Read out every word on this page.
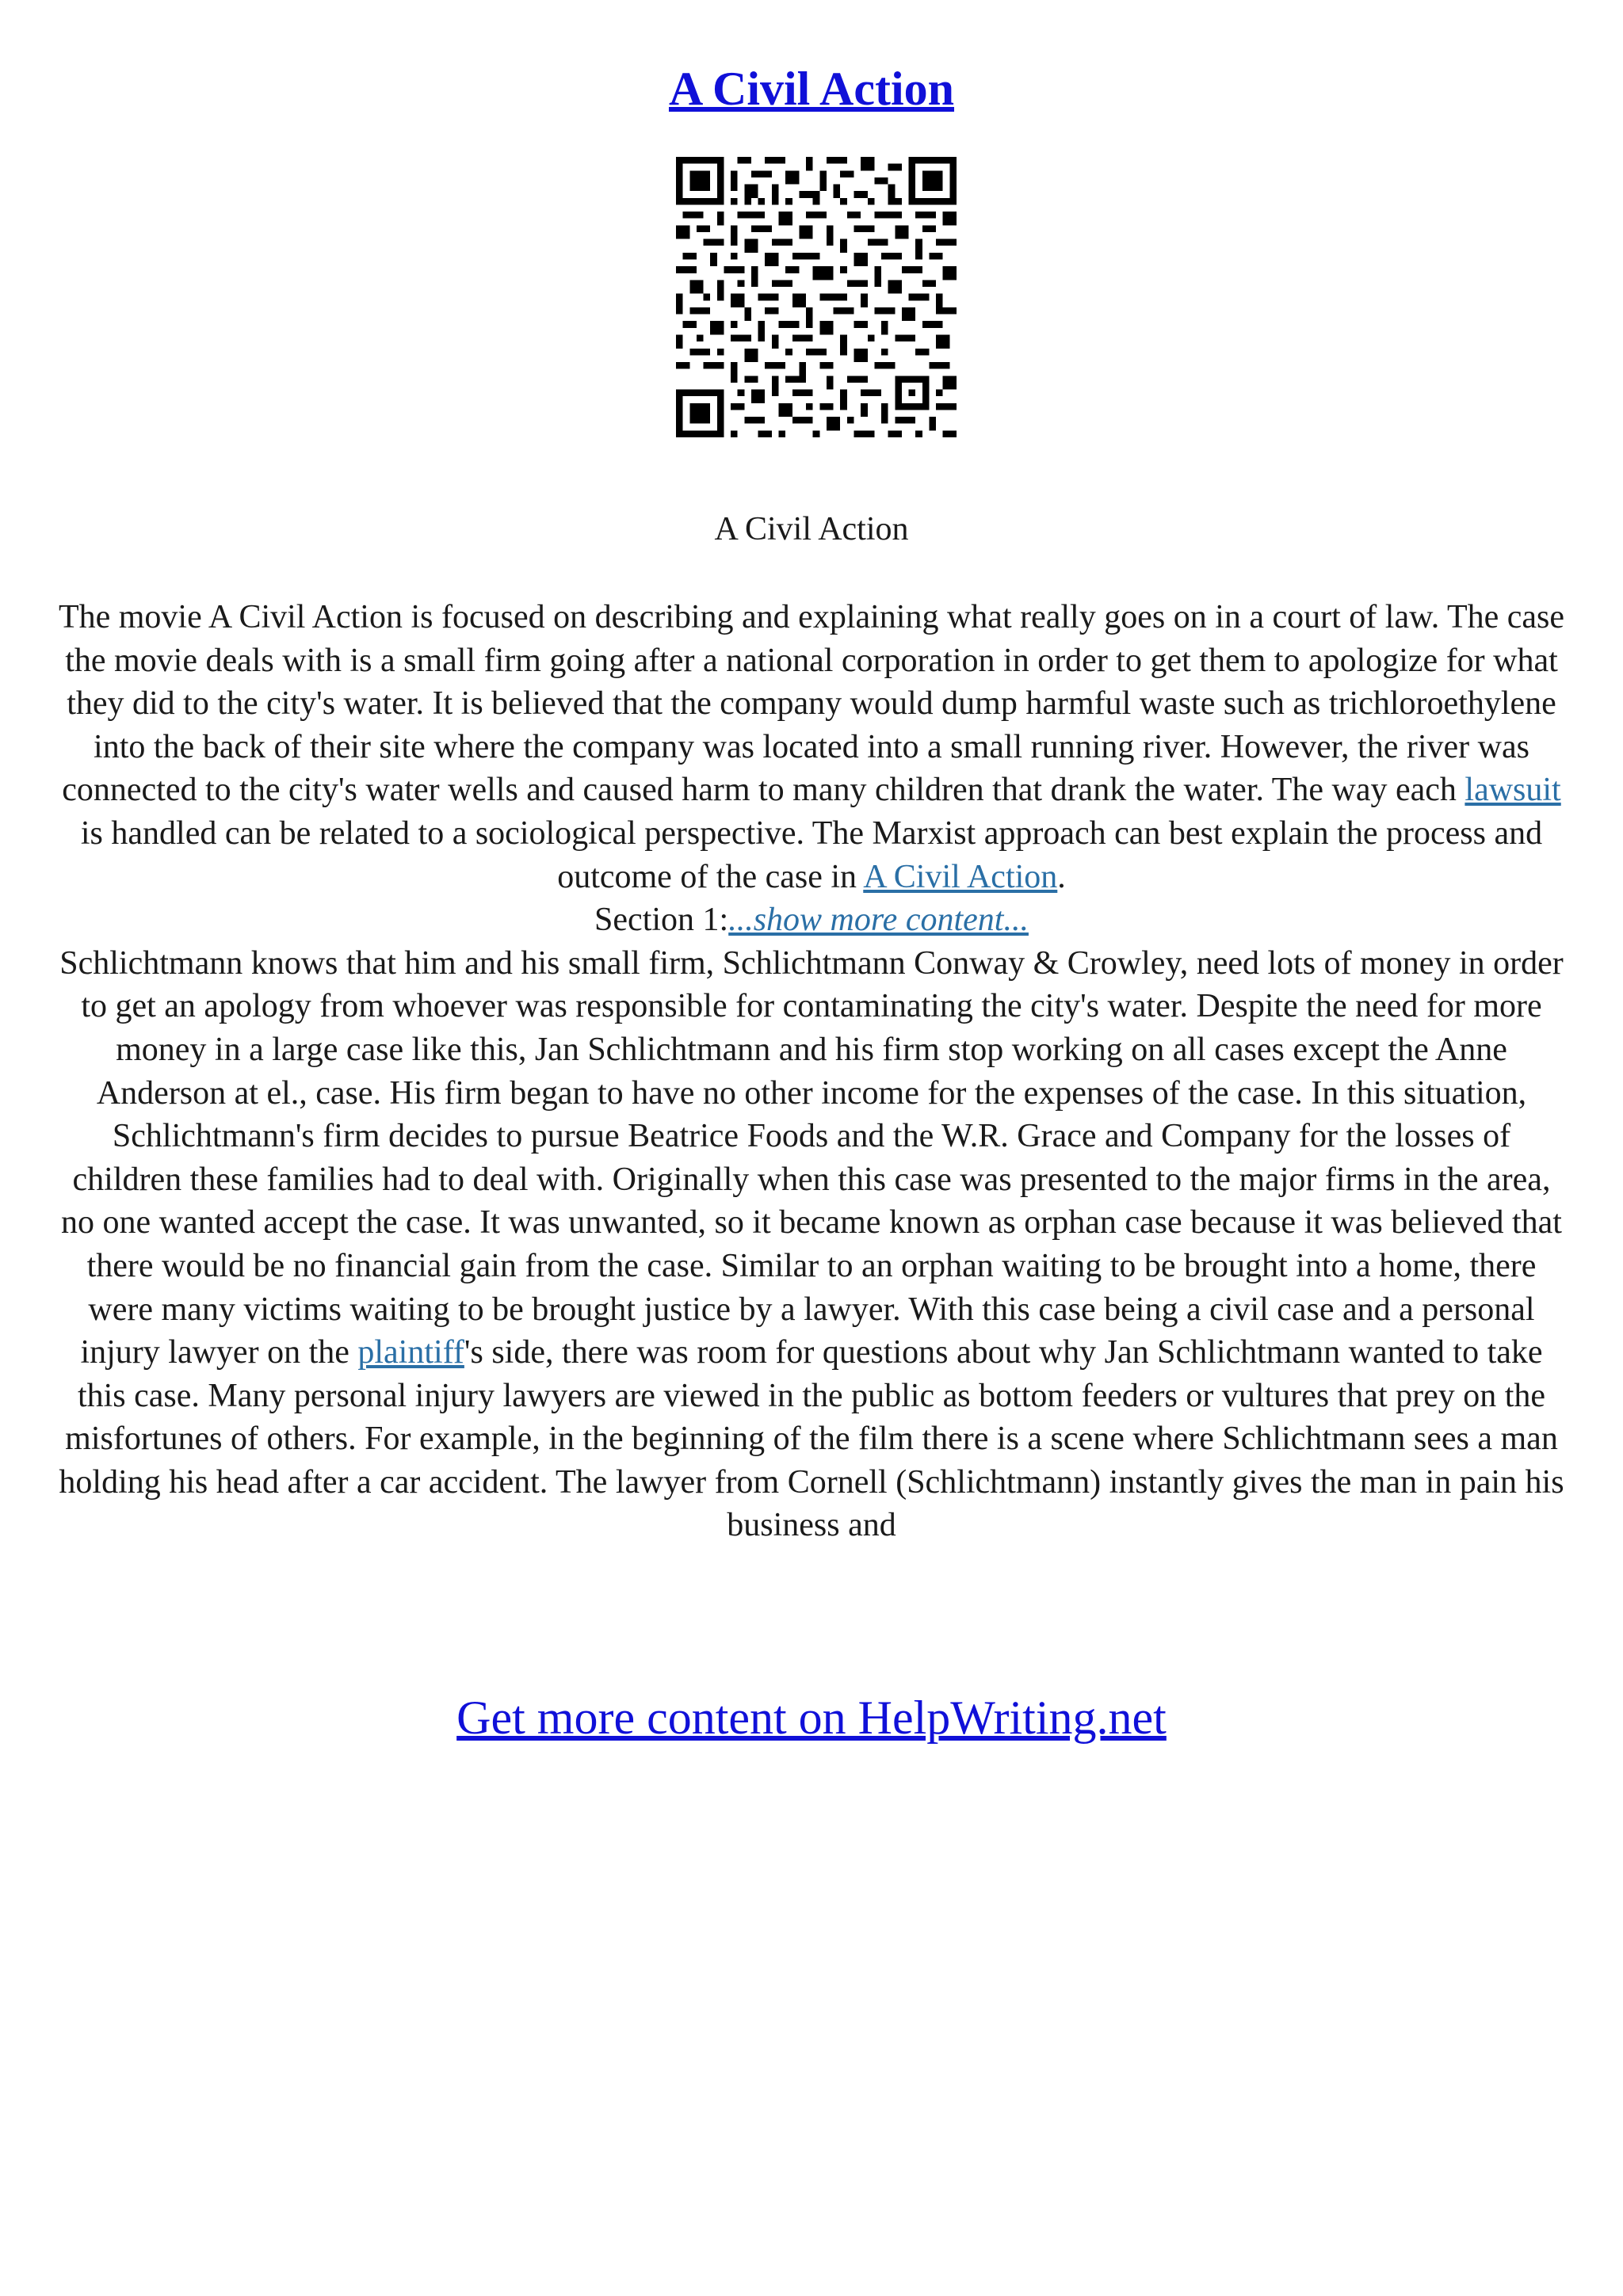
A Civil Action
A Civil Action

The movie A Civil Action is focused on describing and explaining what really goes on in a court of law. The case the movie deals with is a small firm going after a national corporation in order to get them to apologize for what they did to the city's water. It is believed that the company would dump harmful waste such as trichloroethylene into the back of their site where the company was located into a small running river. However, the river was connected to the city's water wells and caused harm to many children that drank the water. The way each lawsuit is handled can be related to a sociological perspective. The Marxist approach can best explain the process and outcome of the case in A Civil Action.

Section 1:...show more content...

Schlichtmann knows that him and his small firm, Schlichtmann Conway & Crowley, need lots of money in order to get an apology from whoever was responsible for contaminating the city's water. Despite the need for more money in a large case like this, Jan Schlichtmann and his firm stop working on all cases except the Anne Anderson at el., case. His firm began to have no other income for the expenses of the case. In this situation, Schlichtmann's firm decides to pursue Beatrice Foods and the W.R. Grace and Company for the losses of children these families had to deal with. Originally when this case was presented to the major firms in the area, no one wanted accept the case. It was unwanted, so it became known as orphan case because it was believed that there would be no financial gain from the case. Similar to an orphan waiting to be brought into a home, there were many victims waiting to be brought justice by a lawyer. With this case being a civil case and a personal injury lawyer on the plaintiff's side, there was room for questions about why Jan Schlichtmann wanted to take this case. Many personal injury lawyers are viewed in the public as bottom feeders or vultures that prey on the misfortunes of others. For example, in the beginning of the film there is a scene where Schlichtmann sees a man holding his head after a car accident. The lawyer from Cornell (Schlichtmann) instantly gives the man in pain his business and

Get more content on HelpWriting.net
